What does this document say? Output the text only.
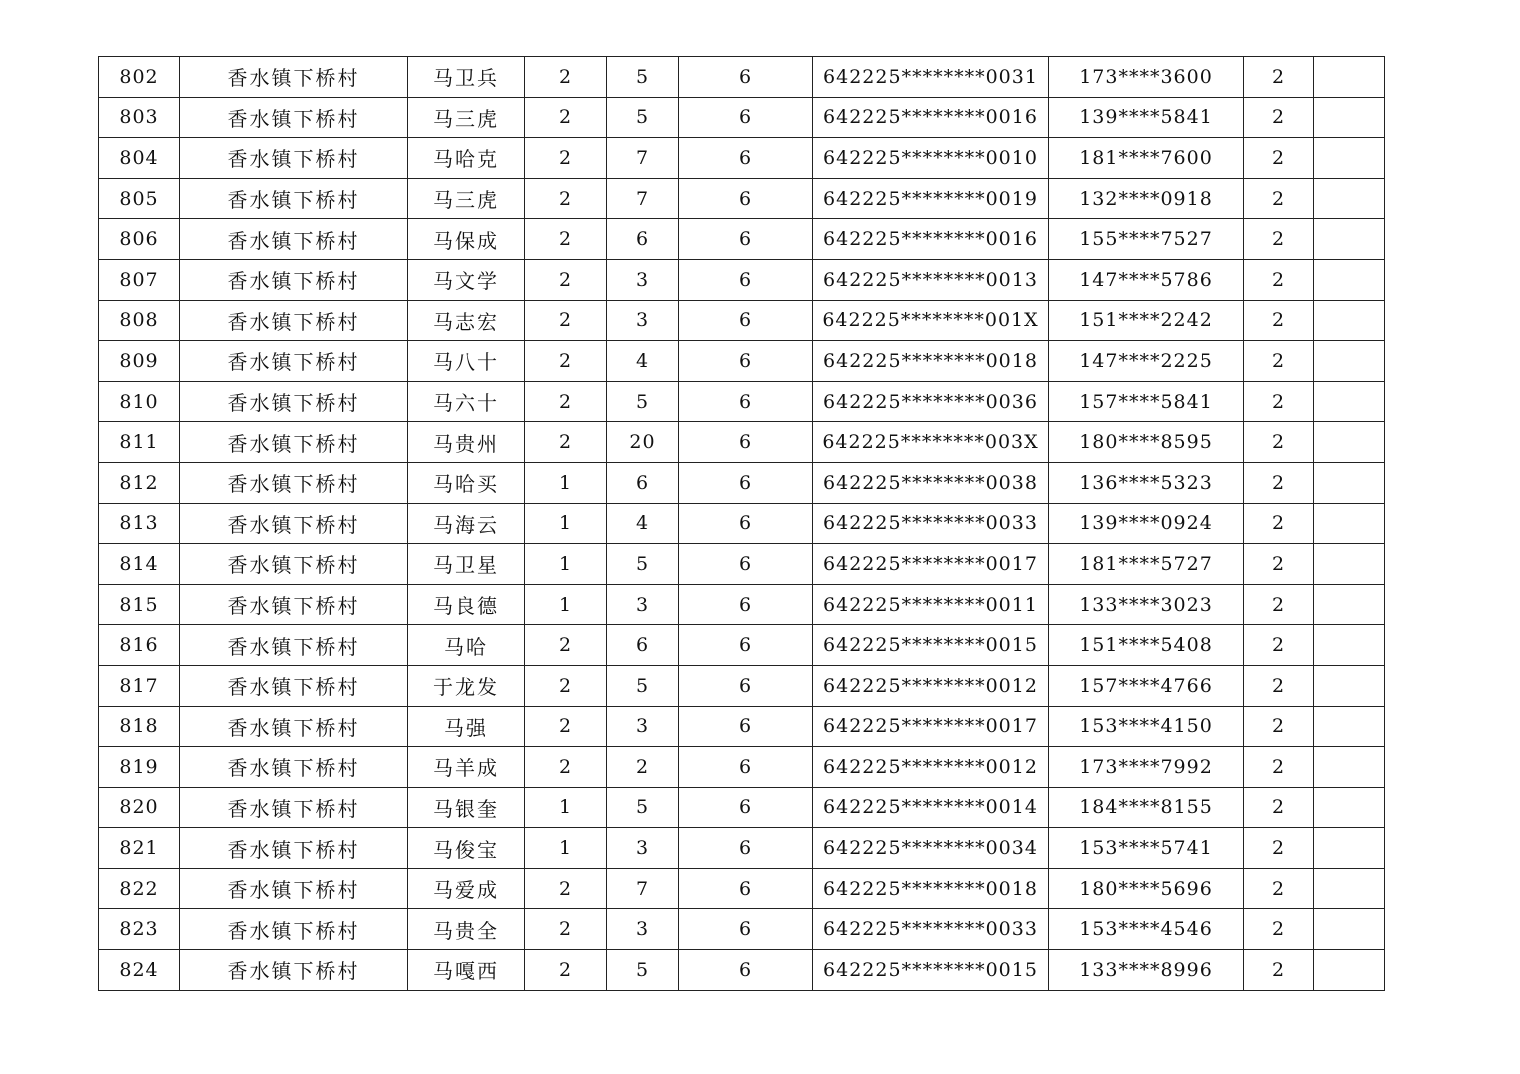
802	香水镇下桥村	马卫兵	2	5	6	642225********0031	173****3600	2	
803	香水镇下桥村	马三虎	2	5	6	642225********0016	139****5841	2	
804	香水镇下桥村	马哈克	2	7	6	642225********0010	181****7600	2	
805	香水镇下桥村	马三虎	2	7	6	642225********0019	132****0918	2	
806	香水镇下桥村	马保成	2	6	6	642225********0016	155****7527	2	
807	香水镇下桥村	马文学	2	3	6	642225********0013	147****5786	2	
808	香水镇下桥村	马志宏	2	3	6	642225********001X	151****2242	2	
809	香水镇下桥村	马八十	2	4	6	642225********0018	147****2225	2	
810	香水镇下桥村	马六十	2	5	6	642225********0036	157****5841	2	
811	香水镇下桥村	马贵州	2	20	6	642225********003X	180****8595	2	
812	香水镇下桥村	马哈买	1	6	6	642225********0038	136****5323	2	
813	香水镇下桥村	马海云	1	4	6	642225********0033	139****0924	2	
814	香水镇下桥村	马卫星	1	5	6	642225********0017	181****5727	2	
815	香水镇下桥村	马良德	1	3	6	642225********0011	133****3023	2	
816	香水镇下桥村	马哈	2	6	6	642225********0015	151****5408	2	
817	香水镇下桥村	于龙发	2	5	6	642225********0012	157****4766	2	
818	香水镇下桥村	马强	2	3	6	642225********0017	153****4150	2	
819	香水镇下桥村	马羊成	2	2	6	642225********0012	173****7992	2	
820	香水镇下桥村	马银奎	1	5	6	642225********0014	184****8155	2	
821	香水镇下桥村	马俊宝	1	3	6	642225********0034	153****5741	2	
822	香水镇下桥村	马爱成	2	7	6	642225********0018	180****5696	2	
823	香水镇下桥村	马贵全	2	3	6	642225********0033	153****4546	2	
824	香水镇下桥村	马嘎西	2	5	6	642225********0015	133****8996	2	
